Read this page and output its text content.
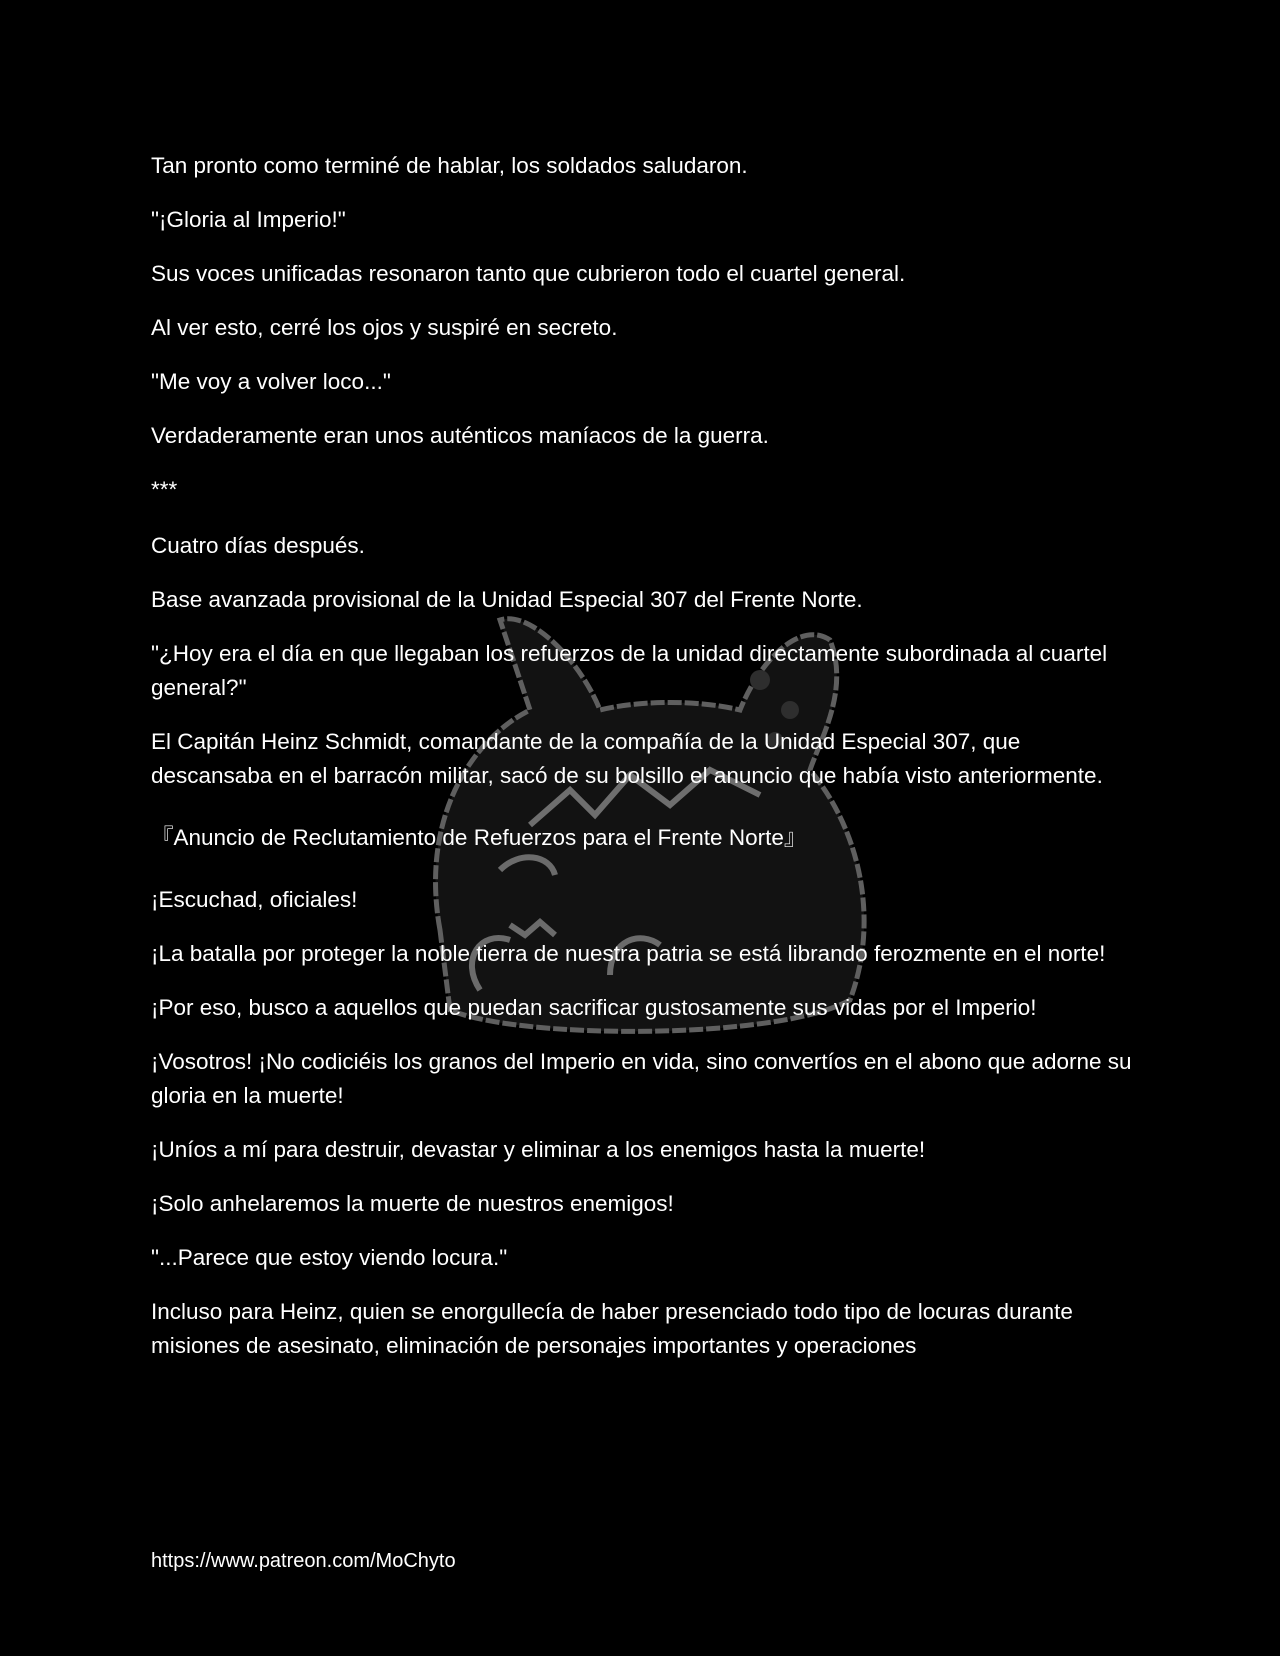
Tan pronto como terminé de hablar, los soldados saludaron.

"¡Gloria al Imperio!"

Sus voces unificadas resonaron tanto que cubrieron todo el cuartel general.

Al ver esto, cerré los ojos y suspiré en secreto.

"Me voy a volver loco..."

Verdaderamente eran unos auténticos maníacos de la guerra.

***

Cuatro días después.

Base avanzada provisional de la Unidad Especial 307 del Frente Norte.

"¿Hoy era el día en que llegaban los refuerzos de la unidad directamente subordinada al cuartel general?"

El Capitán Heinz Schmidt, comandante de la compañía de la Unidad Especial 307, que descansaba en el barracón militar, sacó de su bolsillo el anuncio que había visto anteriormente.

『Anuncio de Reclutamiento de Refuerzos para el Frente Norte』

¡Escuchad, oficiales!

¡La batalla por proteger la noble tierra de nuestra patria se está librando ferozmente en el norte!

¡Por eso, busco a aquellos que puedan sacrificar gustosamente sus vidas por el Imperio!

¡Vosotros! ¡No codiciéis los granos del Imperio en vida, sino convertíos en el abono que adorne su gloria en la muerte!

¡Uníos a mí para destruir, devastar y eliminar a los enemigos hasta la muerte!

¡Solo anhelaremos la muerte de nuestros enemigos!

"...Parece que estoy viendo locura."

Incluso para Heinz, quien se enorgullecía de haber presenciado todo tipo de locuras durante misiones de asesinato, eliminación de personajes importantes y operaciones

https://www.patreon.com/MoChyto
